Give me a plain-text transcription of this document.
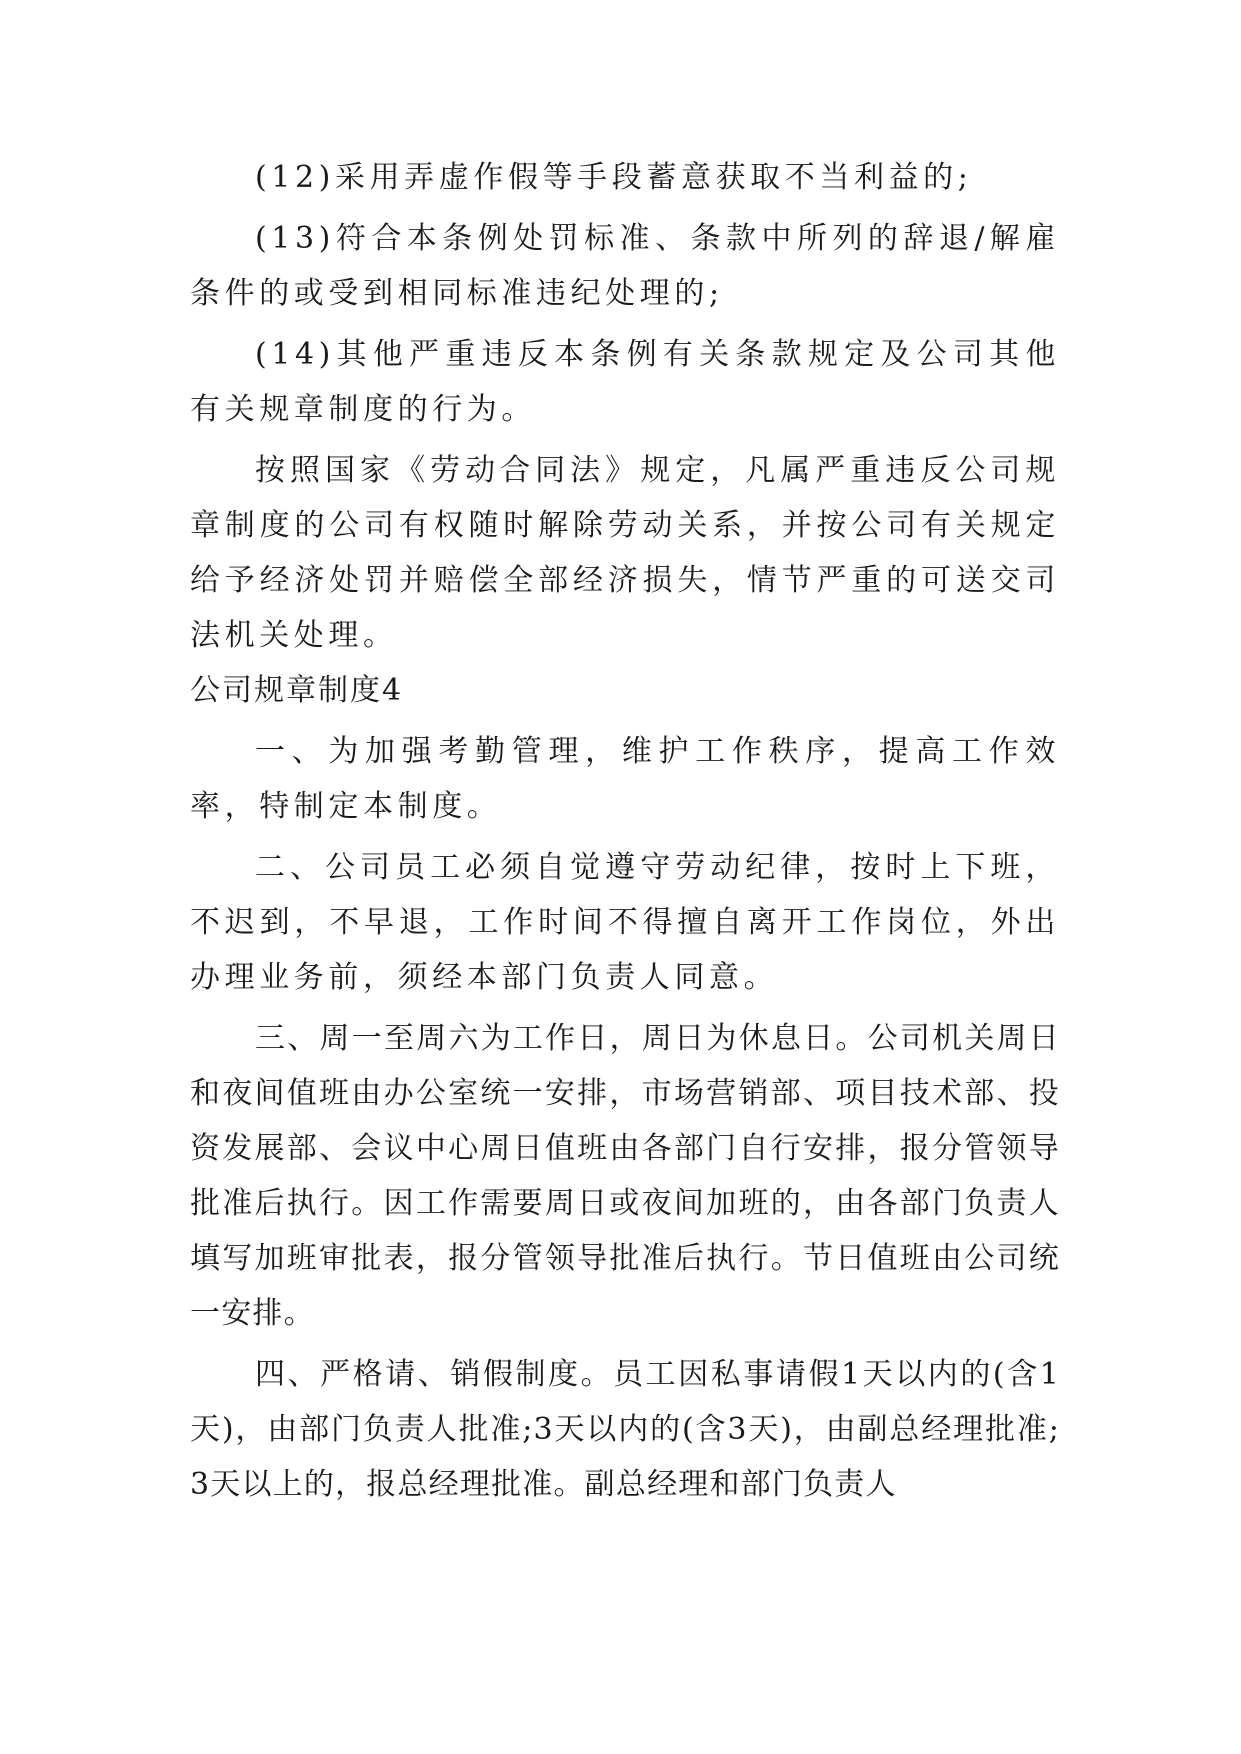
(12)采用弄虚作假等手段蓄意获取不当利益的;

(13)符合本条例处罚标准、条款中所列的辞退/解雇条件的或受到相同标准违纪处理的;

(14)其他严重违反本条例有关条款规定及公司其他有关规章制度的行为。

按照国家《劳动合同法》规定，凡属严重违反公司规章制度的公司有权随时解除劳动关系，并按公司有关规定给予经济处罚并赔偿全部经济损失，情节严重的可送交司法机关处理。

公司规章制度4

一、为加强考勤管理，维护工作秩序，提高工作效率，特制定本制度。

二、公司员工必须自觉遵守劳动纪律，按时上下班，不迟到，不早退，工作时间不得擅自离开工作岗位，外出办理业务前，须经本部门负责人同意。

三、周一至周六为工作日，周日为休息日。公司机关周日和夜间值班由办公室统一安排，市场营销部、项目技术部、投资发展部、会议中心周日值班由各部门自行安排，报分管领导批准后执行。因工作需要周日或夜间加班的，由各部门负责人填写加班审批表，报分管领导批准后执行。节日值班由公司统一安排。

四、严格请、销假制度。员工因私事请假1天以内的(含1天)，由部门负责人批准;3天以内的(含3天)，由副总经理批准;3天以上的，报总经理批准。副总经理和部门负责人
